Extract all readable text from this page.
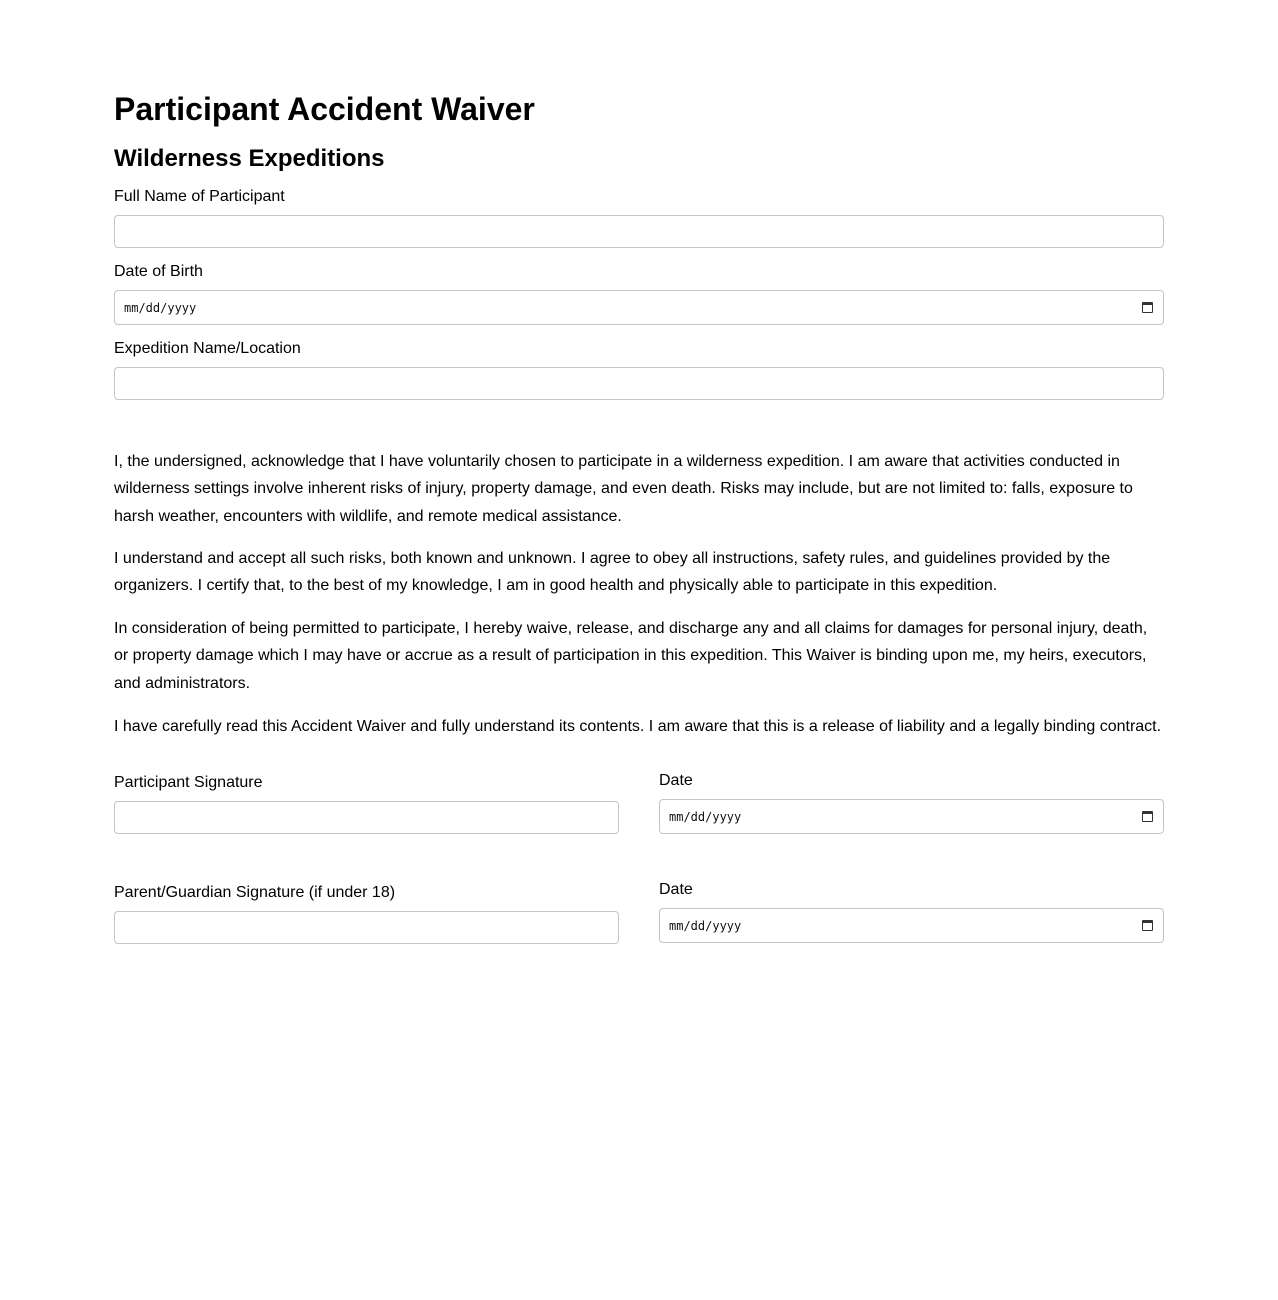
Participant Accident Waiver
Wilderness Expeditions
Full Name of Participant
Date of Birth
mm/dd/yyyy
Expedition Name/Location

I, the undersigned, acknowledge that I have voluntarily chosen to participate in a wilderness expedition. I am aware that activities conducted in wilderness settings involve inherent risks of injury, property damage, and even death. Risks may include, but are not limited to: falls, exposure to harsh weather, encounters with wildlife, and remote medical assistance.

I understand and accept all such risks, both known and unknown. I agree to obey all instructions, safety rules, and guidelines provided by the organizers. I certify that, to the best of my knowledge, I am in good health and physically able to participate in this expedition.

In consideration of being permitted to participate, I hereby waive, release, and discharge any and all claims for damages for personal injury, death, or property damage which I may have or accrue as a result of participation in this expedition. This Waiver is binding upon me, my heirs, executors, and administrators.

I have carefully read this Accident Waiver and fully understand its contents. I am aware that this is a release of liability and a legally binding contract.

Participant Signature	Date
mm/dd/yyyy
Parent/Guardian Signature (if under 18)	Date
mm/dd/yyyy
